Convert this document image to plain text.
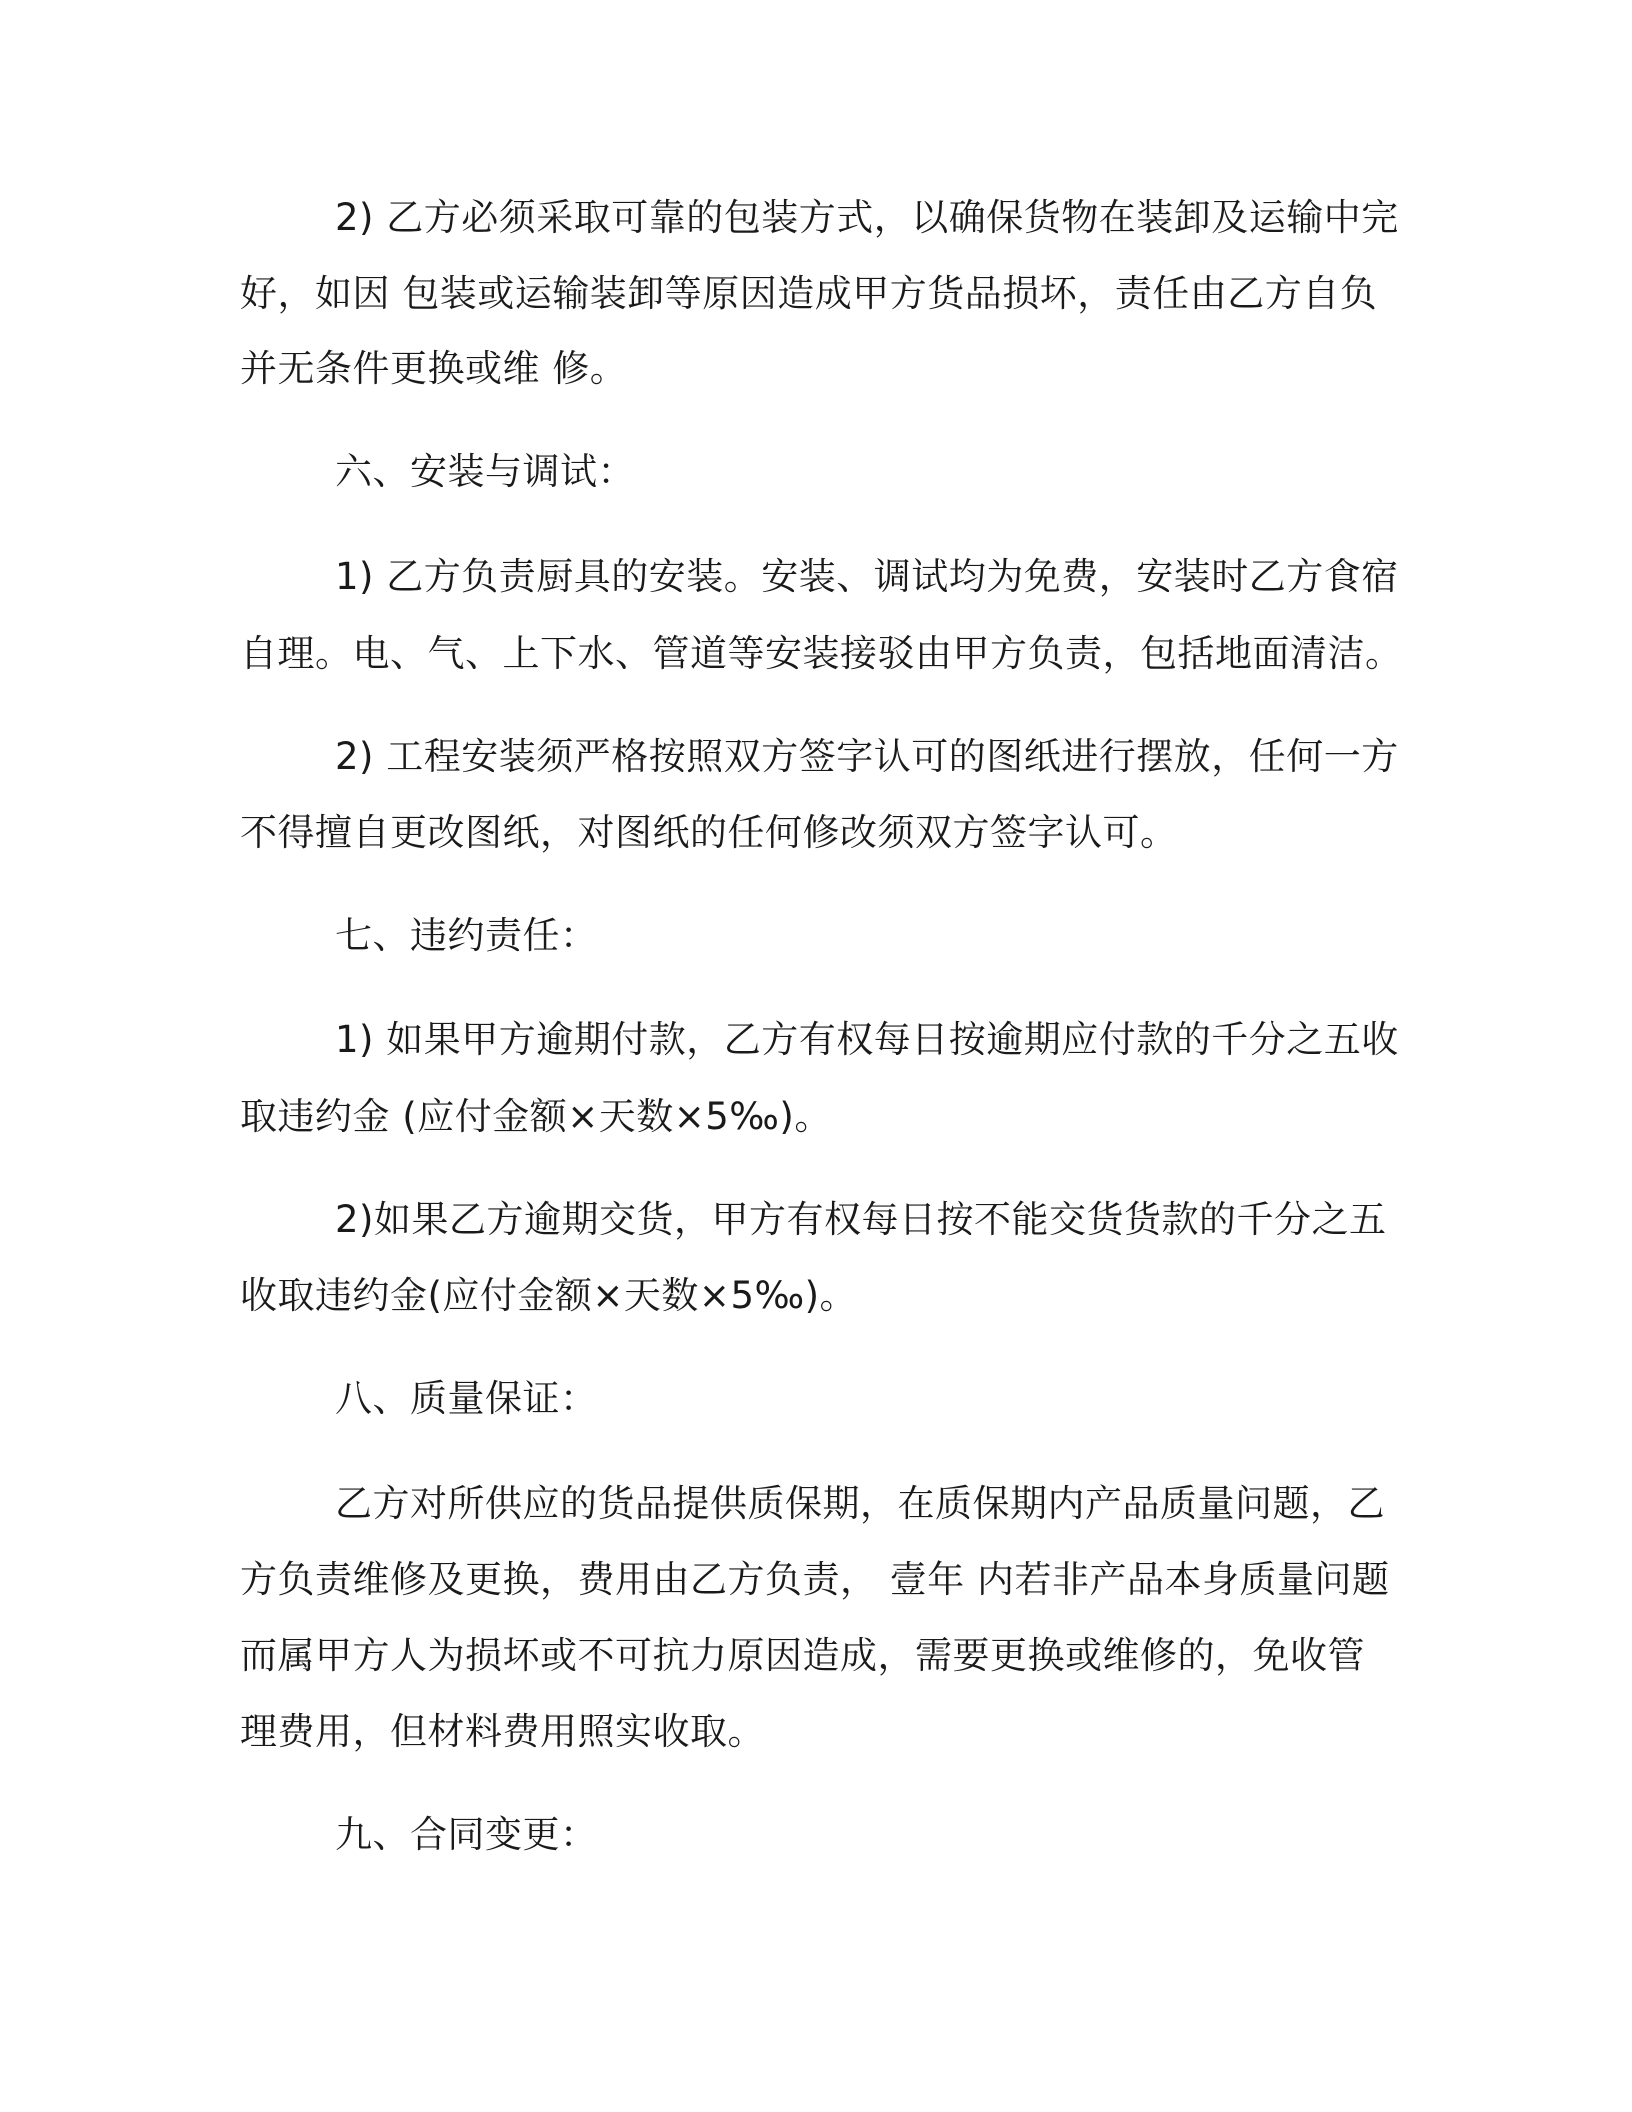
2) 乙方必须采取可靠的包装方式，以确保货物在装卸及运输中完
好，如因 包装或运输装卸等原因造成甲方货品损坏，责任由乙方自负
并无条件更换或维 修。
六、安装与调试：
1) 乙方负责厨具的安装。安装、调试均为免费，安装时乙方食宿
自理。电、气、上下水、管道等安装接驳由甲方负责，包括地面清洁。
2) 工程安装须严格按照双方签字认可的图纸进行摆放，任何一方
不得擅自更改图纸，对图纸的任何修改须双方签字认可。
七、违约责任：
1) 如果甲方逾期付款，乙方有权每日按逾期应付款的千分之五收
取违约金 (应付金额×天数×5‰)。
2)如果乙方逾期交货，甲方有权每日按不能交货货款的千分之五
收取违约金(应付金额×天数×5‰)。
八、质量保证：
乙方对所供应的货品提供质保期，在质保期内产品质量问题，乙
方负责维修及更换，费用由乙方负责， 壹年 内若非产品本身质量问题
而属甲方人为损坏或不可抗力原因造成，需要更换或维修的，免收管
理费用，但材料费用照实收取。
九、合同变更：
